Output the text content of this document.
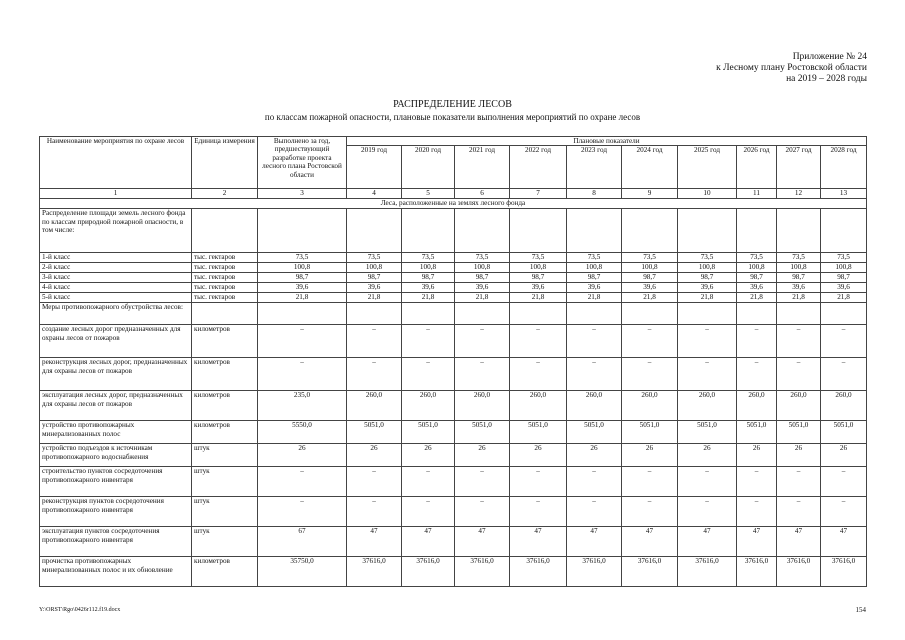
Приложение № 24
к Лесному плану Ростовской области
на 2019 – 2028 годы
РАСПРЕДЕЛЕНИЕ ЛЕСОВ
по классам пожарной опасности, плановые показатели выполнения мероприятий по охране лесов
Наименование мероприятия по охране лесов	Единица измерения	Выполнено за год, предшествующий разработке проекта лесного плана Ростовской области	Плановые показатели									
			2019 год	2020 год	2021 год	2022 год	2023 год	2024 год	2025 год	2026 год	2027 год	2028 год
1	2	3	4	5	6	7	8	9	10	11	12	13
Леса, расположенные на землях лесного фонда												
Распределение площади земель лесного фонда по классам природной пожарной опасности, в том числе:												
1-й класс	тыс. гектаров	73,5	73,5	73,5	73,5	73,5	73,5	73,5	73,5	73,5	73,5	73,5
2-й класс	тыс. гектаров	100,8	100,8	100,8	100,8	100,8	100,8	100,8	100,8	100,8	100,8	100,8
3-й класс	тыс. гектаров	98,7	98,7	98,7	98,7	98,7	98,7	98,7	98,7	98,7	98,7	98,7
4-й класс	тыс. гектаров	39,6	39,6	39,6	39,6	39,6	39,6	39,6	39,6	39,6	39,6	39,6
5-й класс	тыс. гектаров	21,8	21,8	21,8	21,8	21,8	21,8	21,8	21,8	21,8	21,8	21,8
Меры противопожарного обустройства лесов:												
создание лесных дорог предназначенных для охраны лесов от пожаров	километров	–	–	–	–	–	–	–	–	–	–	–
реконструкция лесных дорог, предназначенных для охраны лесов от пожаров	километров	–	–	–	–	–	–	–	–	–	–	–
эксплуатация лесных дорог, предназначенных для охраны лесов от пожаров	километров	235,0	260,0	260,0	260,0	260,0	260,0	260,0	260,0	260,0	260,0	260,0
устройство противопожарных минерализованных полос	километров	5550,0	5051,0	5051,0	5051,0	5051,0	5051,0	5051,0	5051,0	5051,0	5051,0	5051,0
устройство подъездов к источникам противопожарного водоснабжения	штук	26	26	26	26	26	26	26	26	26	26	26
строительство пунктов сосредоточения противопожарного инвентаря	штук	–	–	–	–	–	–	–	–	–	–	–
реконструкция пунктов сосредоточения противопожарного инвентаря	штук	–	–	–	–	–	–	–	–	–	–	–
эксплуатация пунктов сосредоточения противопожарного инвентаря	штук	67	47	47	47	47	47	47	47	47	47	47
прочистка противопожарных минерализованных полос и их обновление	километров	35750,0	37616,0	37616,0	37616,0	37616,0	37616,0	37616,0	37616,0	37616,0	37616,0	37616,0
Y:\ORST\Rgo\0426r112.f19.docx	154
